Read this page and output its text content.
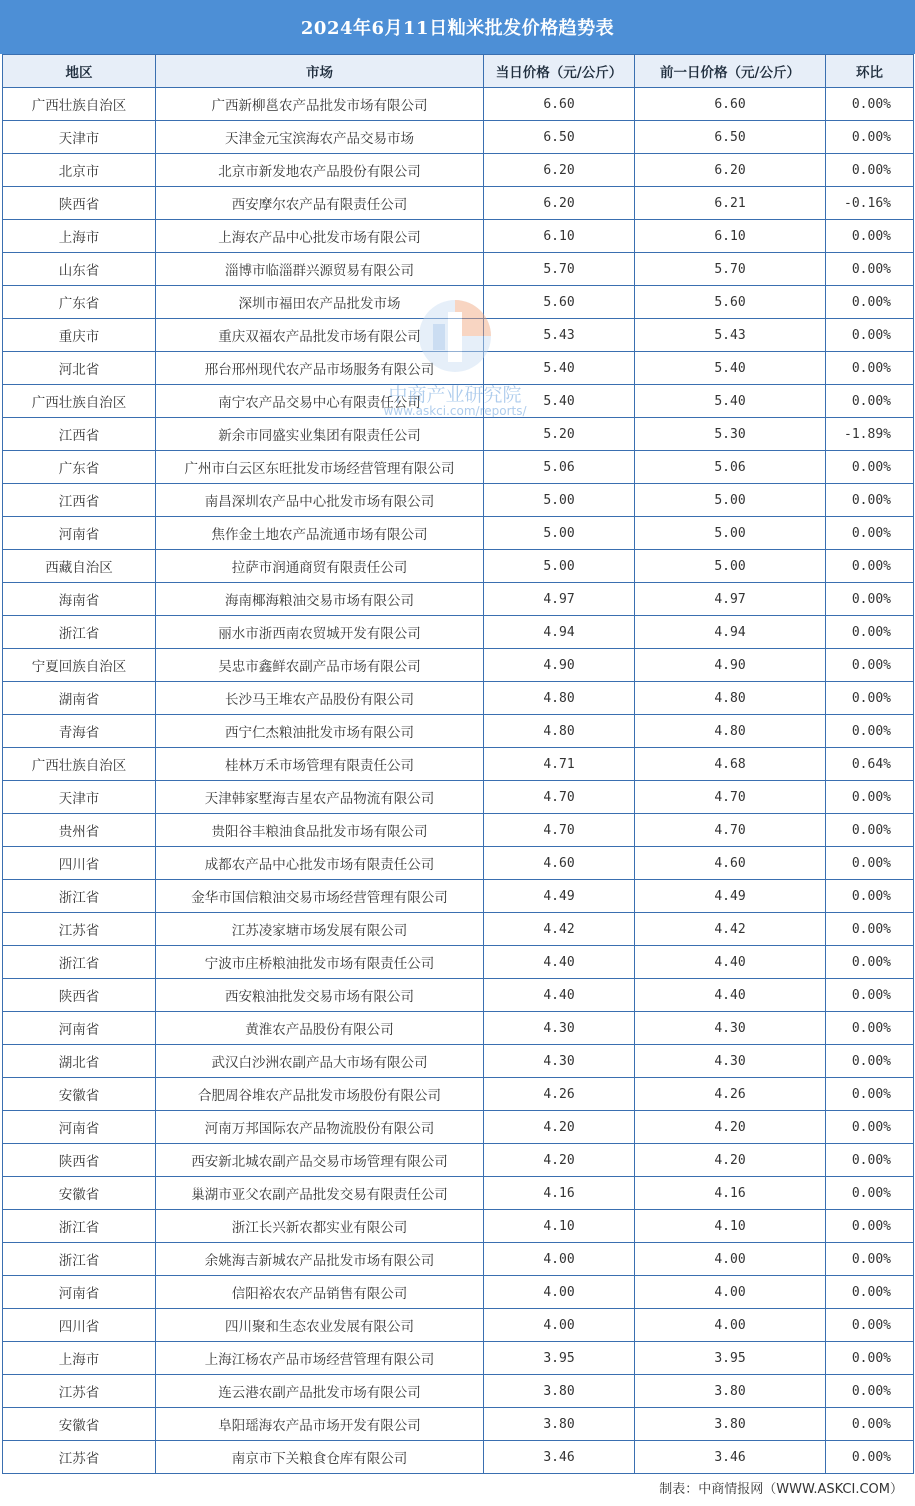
2024年6月11日籼米批发价格趋势表
地区	市场	当日价格（元/公斤）	前一日价格（元/公斤）	环比
广西壮族自治区	广西新柳邕农产品批发市场有限公司	6.60	6.60	0.00%
天津市	天津金元宝滨海农产品交易市场	6.50	6.50	0.00%
北京市	北京市新发地农产品股份有限公司	6.20	6.20	0.00%
陕西省	西安摩尔农产品有限责任公司	6.20	6.21	-0.16%
上海市	上海农产品中心批发市场有限公司	6.10	6.10	0.00%
山东省	淄博市临淄群兴源贸易有限公司	5.70	5.70	0.00%
广东省	深圳市福田农产品批发市场	5.60	5.60	0.00%
重庆市	重庆双福农产品批发市场有限公司	5.43	5.43	0.00%
河北省	邢台邢州现代农产品市场服务有限公司	5.40	5.40	0.00%
广西壮族自治区	南宁农产品交易中心有限责任公司	5.40	5.40	0.00%
江西省	新余市同盛实业集团有限责任公司	5.20	5.30	-1.89%
广东省	广州市白云区东旺批发市场经营管理有限公司	5.06	5.06	0.00%
江西省	南昌深圳农产品中心批发市场有限公司	5.00	5.00	0.00%
河南省	焦作金土地农产品流通市场有限公司	5.00	5.00	0.00%
西藏自治区	拉萨市润通商贸有限责任公司	5.00	5.00	0.00%
海南省	海南椰海粮油交易市场有限公司	4.97	4.97	0.00%
浙江省	丽水市浙西南农贸城开发有限公司	4.94	4.94	0.00%
宁夏回族自治区	吴忠市鑫鲜农副产品市场有限公司	4.90	4.90	0.00%
湖南省	长沙马王堆农产品股份有限公司	4.80	4.80	0.00%
青海省	西宁仁杰粮油批发市场有限公司	4.80	4.80	0.00%
广西壮族自治区	桂林万禾市场管理有限责任公司	4.71	4.68	0.64%
天津市	天津韩家墅海吉星农产品物流有限公司	4.70	4.70	0.00%
贵州省	贵阳谷丰粮油食品批发市场有限公司	4.70	4.70	0.00%
四川省	成都农产品中心批发市场有限责任公司	4.60	4.60	0.00%
浙江省	金华市国信粮油交易市场经营管理有限公司	4.49	4.49	0.00%
江苏省	江苏凌家塘市场发展有限公司	4.42	4.42	0.00%
浙江省	宁波市庄桥粮油批发市场有限责任公司	4.40	4.40	0.00%
陕西省	西安粮油批发交易市场有限公司	4.40	4.40	0.00%
河南省	黄淮农产品股份有限公司	4.30	4.30	0.00%
湖北省	武汉白沙洲农副产品大市场有限公司	4.30	4.30	0.00%
安徽省	合肥周谷堆农产品批发市场股份有限公司	4.26	4.26	0.00%
河南省	河南万邦国际农产品物流股份有限公司	4.20	4.20	0.00%
陕西省	西安新北城农副产品交易市场管理有限公司	4.20	4.20	0.00%
安徽省	巢湖市亚父农副产品批发交易有限责任公司	4.16	4.16	0.00%
浙江省	浙江长兴新农都实业有限公司	4.10	4.10	0.00%
浙江省	余姚海吉新城农产品批发市场有限公司	4.00	4.00	0.00%
河南省	信阳裕农农产品销售有限公司	4.00	4.00	0.00%
四川省	四川聚和生态农业发展有限公司	4.00	4.00	0.00%
上海市	上海江杨农产品市场经营管理有限公司	3.95	3.95	0.00%
江苏省	连云港农副产品批发市场有限公司	3.80	3.80	0.00%
安徽省	阜阳瑶海农产品市场开发有限公司	3.80	3.80	0.00%
江苏省	南京市下关粮食仓库有限公司	3.46	3.46	0.00%
中商产业研究院
www.askci.com/reports/
制表：中商情报网（WWW.ASKCI.COM）
